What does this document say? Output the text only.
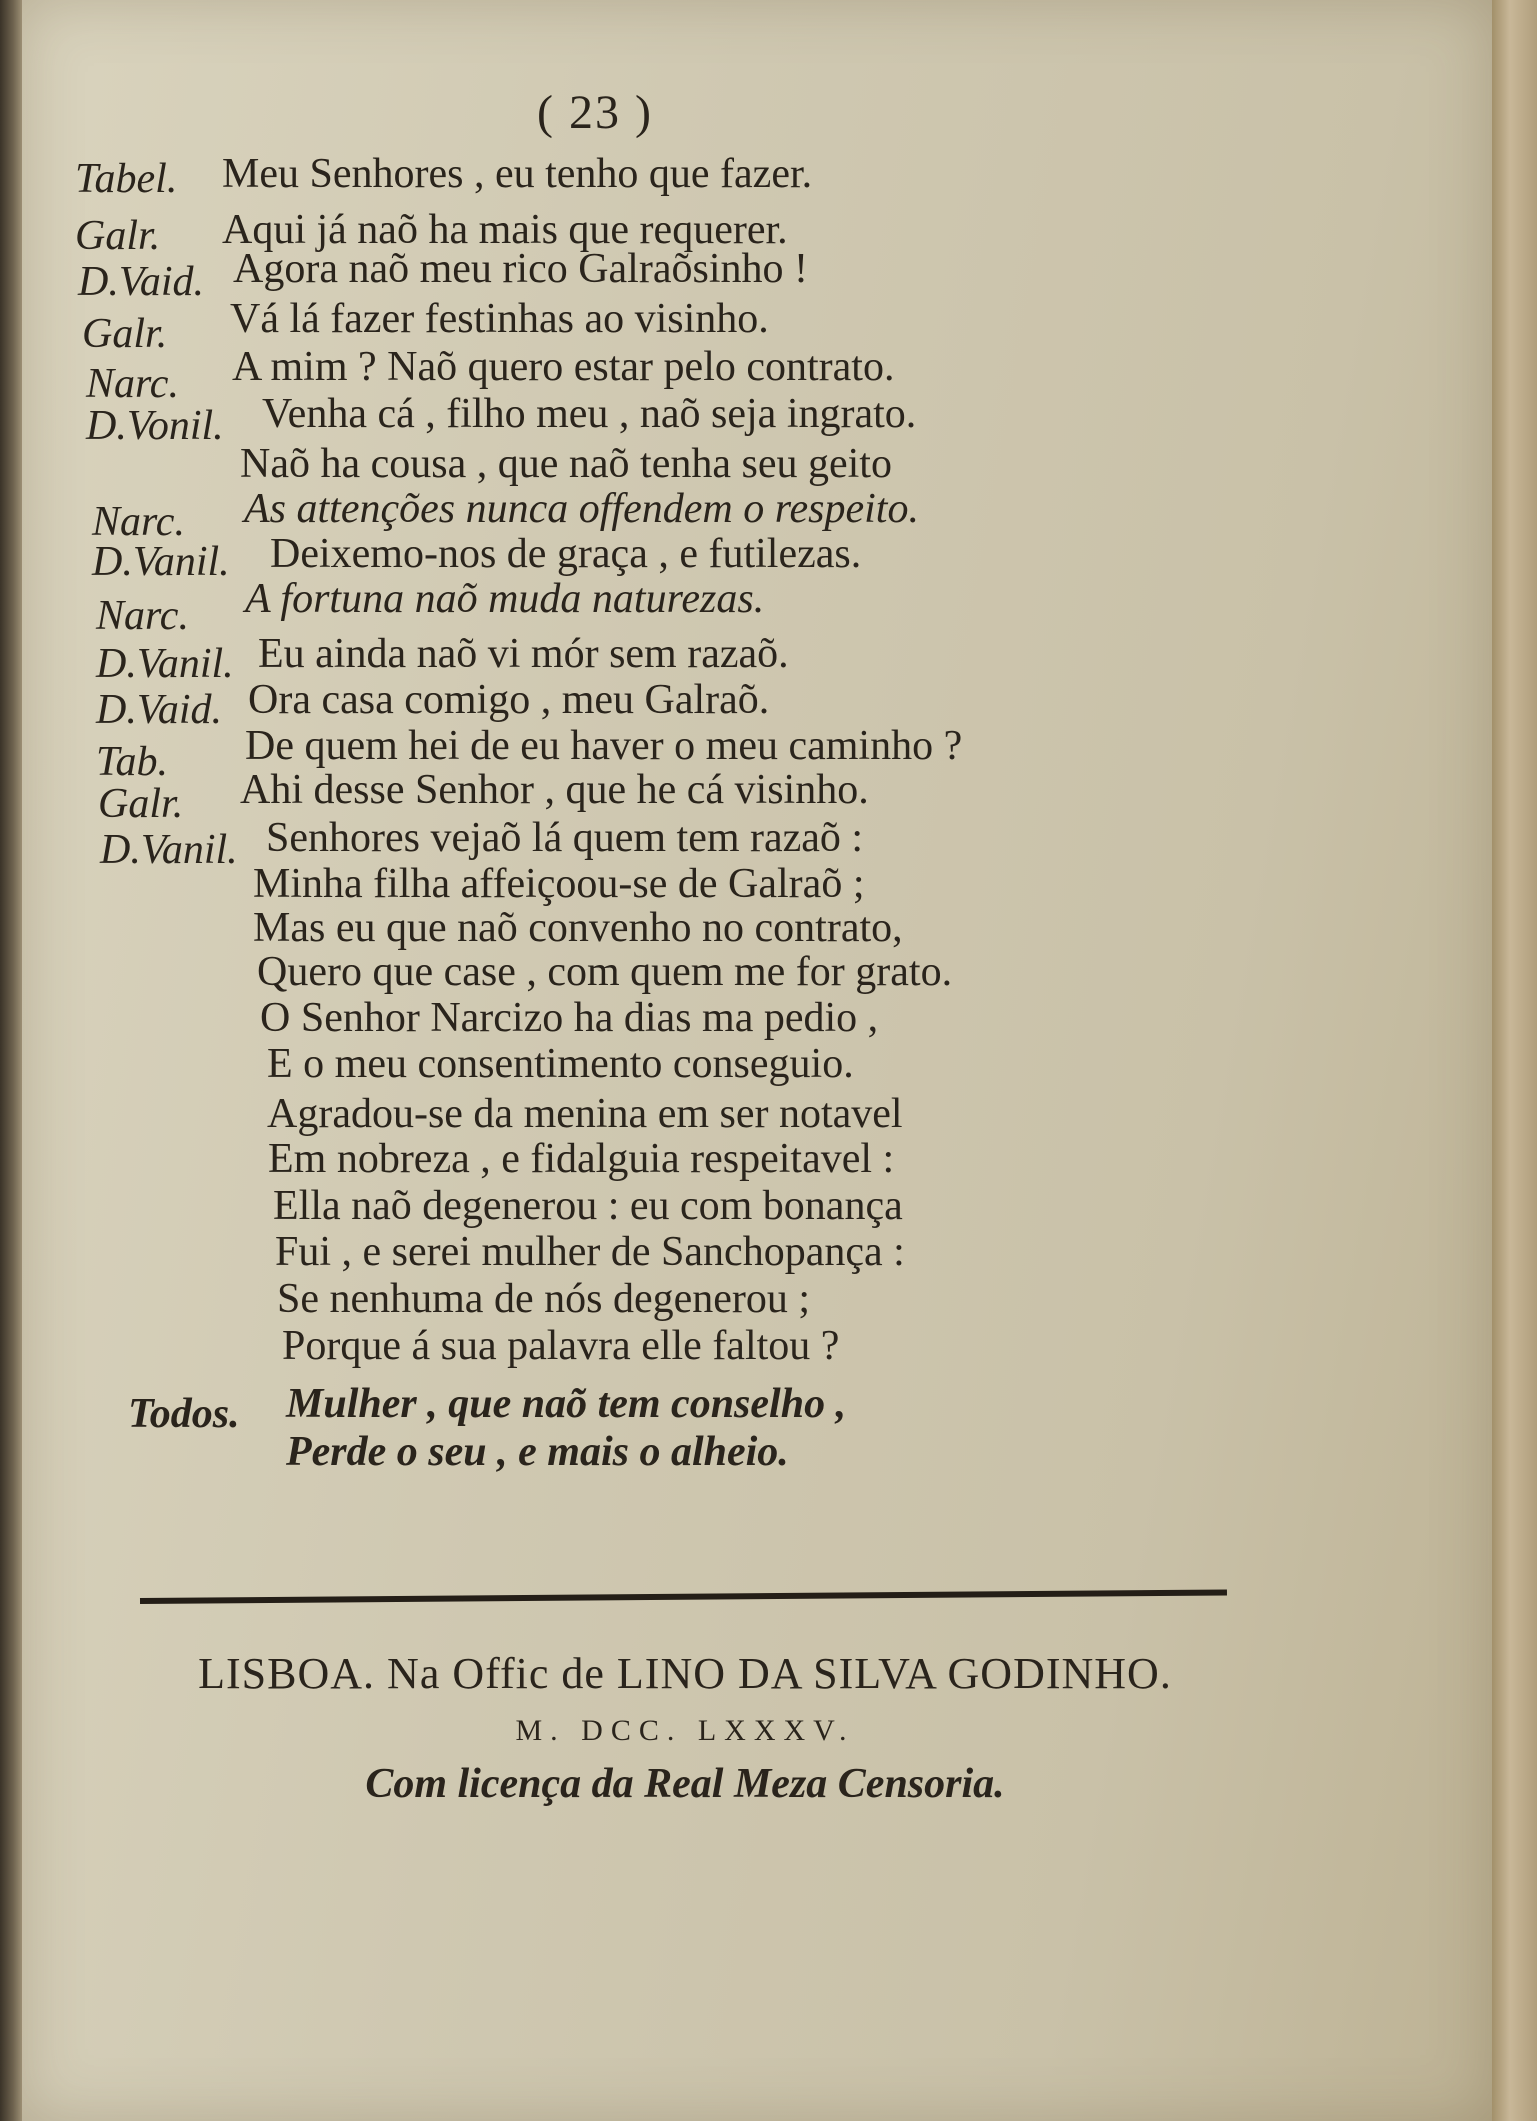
( 23 )
Tabel. Meu Senhores , eu tenho que fazer.
Galr. Aqui já naõ ha mais que requerer.
D.Vaid. Agora naõ meu rico Galraõsinho !
Galr. Vá lá fazer festinhas ao visinho.
Narc. A mim ? Naõ quero estar pelo contrato.
D.Vonil. Venha cá , filho meu , naõ seja ingrato.
Naõ ha cousa , que naõ tenha seu geito
Narc. As attenções nunca offendem o respeito.
D.Vanil. Deixemo-nos de graça , e futilezas.
Narc. A fortuna naõ muda naturezas.
D.Vanil. Eu ainda naõ vi mór sem razaõ.
D.Vaid. Ora casa comigo , meu Galraõ.
Tab. De quem hei de eu haver o meu caminho ?
Galr. Ahi desse Senhor , que he cá visinho.
D.Vanil. Senhores vejaõ lá quem tem razaõ :
Minha filha affeiçoou-se de Galraõ ;
Mas eu que naõ convenho no contrato,
Quero que case , com quem me for grato.
O Senhor Narcizo ha dias ma pedio ,
E o meu consentimento conseguio.
Agradou-se da menina em ser notavel
Em nobreza , e fidalguia respeitavel :
Ella naõ degenerou : eu com bonança
Fui , e serei mulher de Sanchopança :
Se nenhuma de nós degenerou ;
Porque á sua palavra elle faltou ?
Todos. Mulher , que naõ tem conselho ,
Perde o seu , e mais o alheio.
LISBOA. Na Offic de LINO DA SILVA GODINHO.
M. DCC. LXXXV.
Com licença da Real Meza Censoria.
